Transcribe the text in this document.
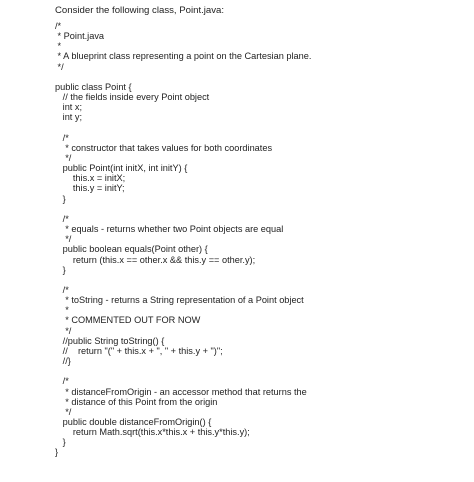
Consider the following class, Point.java:

/*
* Point.java
*
* A blueprint class representing a point on the Cartesian plane.
*/
public class Point {
// the fields inside every Point object
int x;
int y;
/*
* constructor that takes values for both coordinates
*/
public Point(int initX, int initY) {
this.x = initX;
this.y = initY;
}
/*
* equals - returns whether two Point objects are equal
*/
public boolean equals(Point other) {
return (this.x == other.x && this.y == other.y);
}
/*
* toString - returns a String representation of a Point object
*
* COMMENTED OUT FOR NOW
*/
//public String toString() {
//    return "(" + this.x + ", " + this.y + ")";
//}
/*
* distanceFromOrigin - an accessor method that returns the
* distance of this Point from the origin
*/
public double distanceFromOrigin() {
return Math.sqrt(this.x*this.x + this.y*this.y);
}
}
